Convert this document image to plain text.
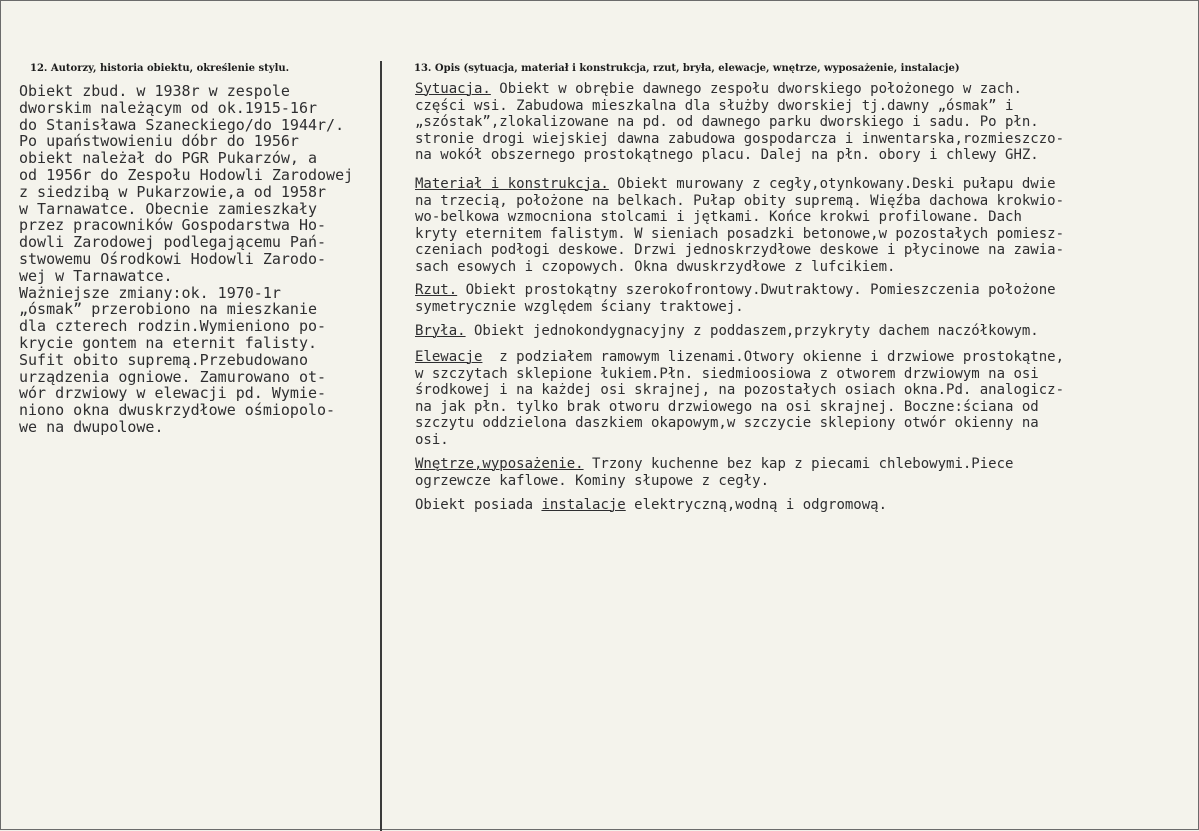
12. Autorzy, historia obiektu, określenie stylu.	13. Opis (sytuacja, materiał i konstrukcja, rzut, bryła, elewacje, wnętrze, wyposażenie, instalacje)
Obiekt zbud. w 1938r w zespole
dworskim należącym od ok.1915-16r
do Stanisława Szaneckiego/do 1944r/.
Po upaństwowieniu dóbr do 1956r
obiekt należał do PGR Pukarzów, a
od 1956r do Zespołu Hodowli Zarodowej
z siedzibą w Pukarzowie,a od 1958r
w Tarnawatce. Obecnie zamieszkały
przez pracowników Gospodarstwa Ho-
dowli Zarodowej podlegającemu Pań-
stwowemu Ośrodkowi Hodowli Zarodo-
wej w Tarnawatce.
Ważniejsze zmiany:ok. 1970-1r
„ósmak” przerobiono na mieszkanie
dla czterech rodzin.Wymieniono po-
krycie gontem na eternit falisty.
Sufit obito supremą.Przebudowano
urządzenia ogniowe. Zamurowano ot-
wór drzwiowy w elewacji pd. Wymie-
niono okna dwuskrzydłowe ośmiopolo-
we na dwupolowe.
Sytuacja. Obiekt w obrębie dawnego zespołu dworskiego położonego w zach.
części wsi. Zabudowa mieszkalna dla służby dworskiej tj.dawny „ósmak” i
„szóstak”,zlokalizowane na pd. od dawnego parku dworskiego i sadu. Po płn.
stronie drogi wiejskiej dawna zabudowa gospodarcza i inwentarska,rozmieszczo-
na wokół obszernego prostokątnego placu. Dalej na płn. obory i chlewy GHZ.
Materiał i konstrukcja. Obiekt murowany z cegły,otynkowany.Deski pułapu dwie
na trzecią, położone na belkach. Pułap obity supremą. Więźba dachowa krokwio-
wo-belkowa wzmocniona stolcami i jętkami. Końce krokwi profilowane. Dach
kryty eternitem falistym. W sieniach posadzki betonowe,w pozostałych pomiesz-
czeniach podłogi deskowe. Drzwi jednoskrzydłowe deskowe i płycinowe na zawia-
sach esowych i czopowych. Okna dwuskrzydłowe z lufcikiem.
Rzut. Obiekt prostokątny szerokofrontowy.Dwutraktowy. Pomieszczenia położone
symetrycznie względem ściany traktowej.
Bryła. Obiekt jednokondygnacyjny z poddaszem,przykryty dachem naczółkowym.
Elewacje  z podziałem ramowym lizenami.Otwory okienne i drzwiowe prostokątne,
w szczytach sklepione łukiem.Płn. siedmioosiowa z otworem drzwiowym na osi
środkowej i na każdej osi skrajnej, na pozostałych osiach okna.Pd. analogicz-
na jak płn. tylko brak otworu drzwiowego na osi skrajnej. Boczne:ściana od
szczytu oddzielona daszkiem okapowym,w szczycie sklepiony otwór okienny na
osi.
Wnętrze,wyposażenie. Trzony kuchenne bez kap z piecami chlebowymi.Piece
ogrzewcze kaflowe. Kominy słupowe z cegły.
Obiekt posiada instalacje elektryczną,wodną i odgromową.
